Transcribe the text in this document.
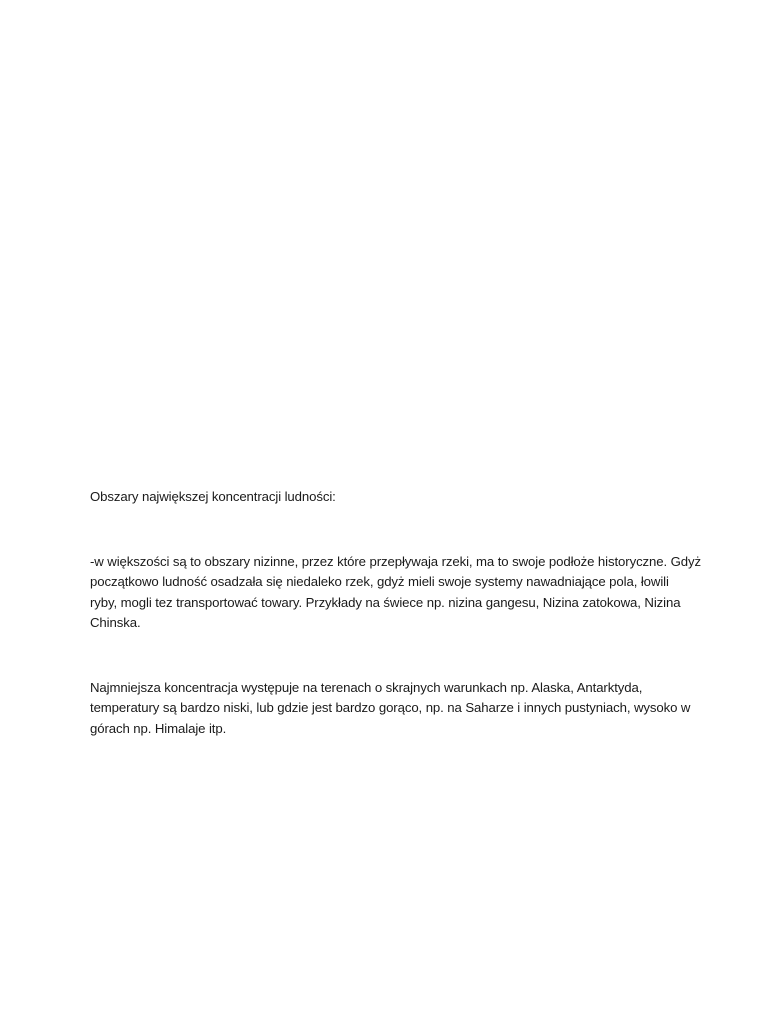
Obszary największej koncentracji ludności:

-w większości są to obszary nizinne, przez które przepływaja rzeki, ma to swoje podłoże historyczne. Gdyż
początkowo ludność osadzała się niedaleko rzek, gdyż mieli swoje systemy nawadniające pola, łowili
ryby, mogli tez transportować towary. Przykłady na świece np. nizina gangesu, Nizina zatokowa, Nizina
Chinska.

Najmniejsza koncentracja występuje na terenach o skrajnych warunkach np. Alaska, Antarktyda,
temperatury są bardzo niski, lub gdzie jest bardzo gorąco, np. na Saharze i innych pustyniach, wysoko w
górach np. Himalaje itp.
